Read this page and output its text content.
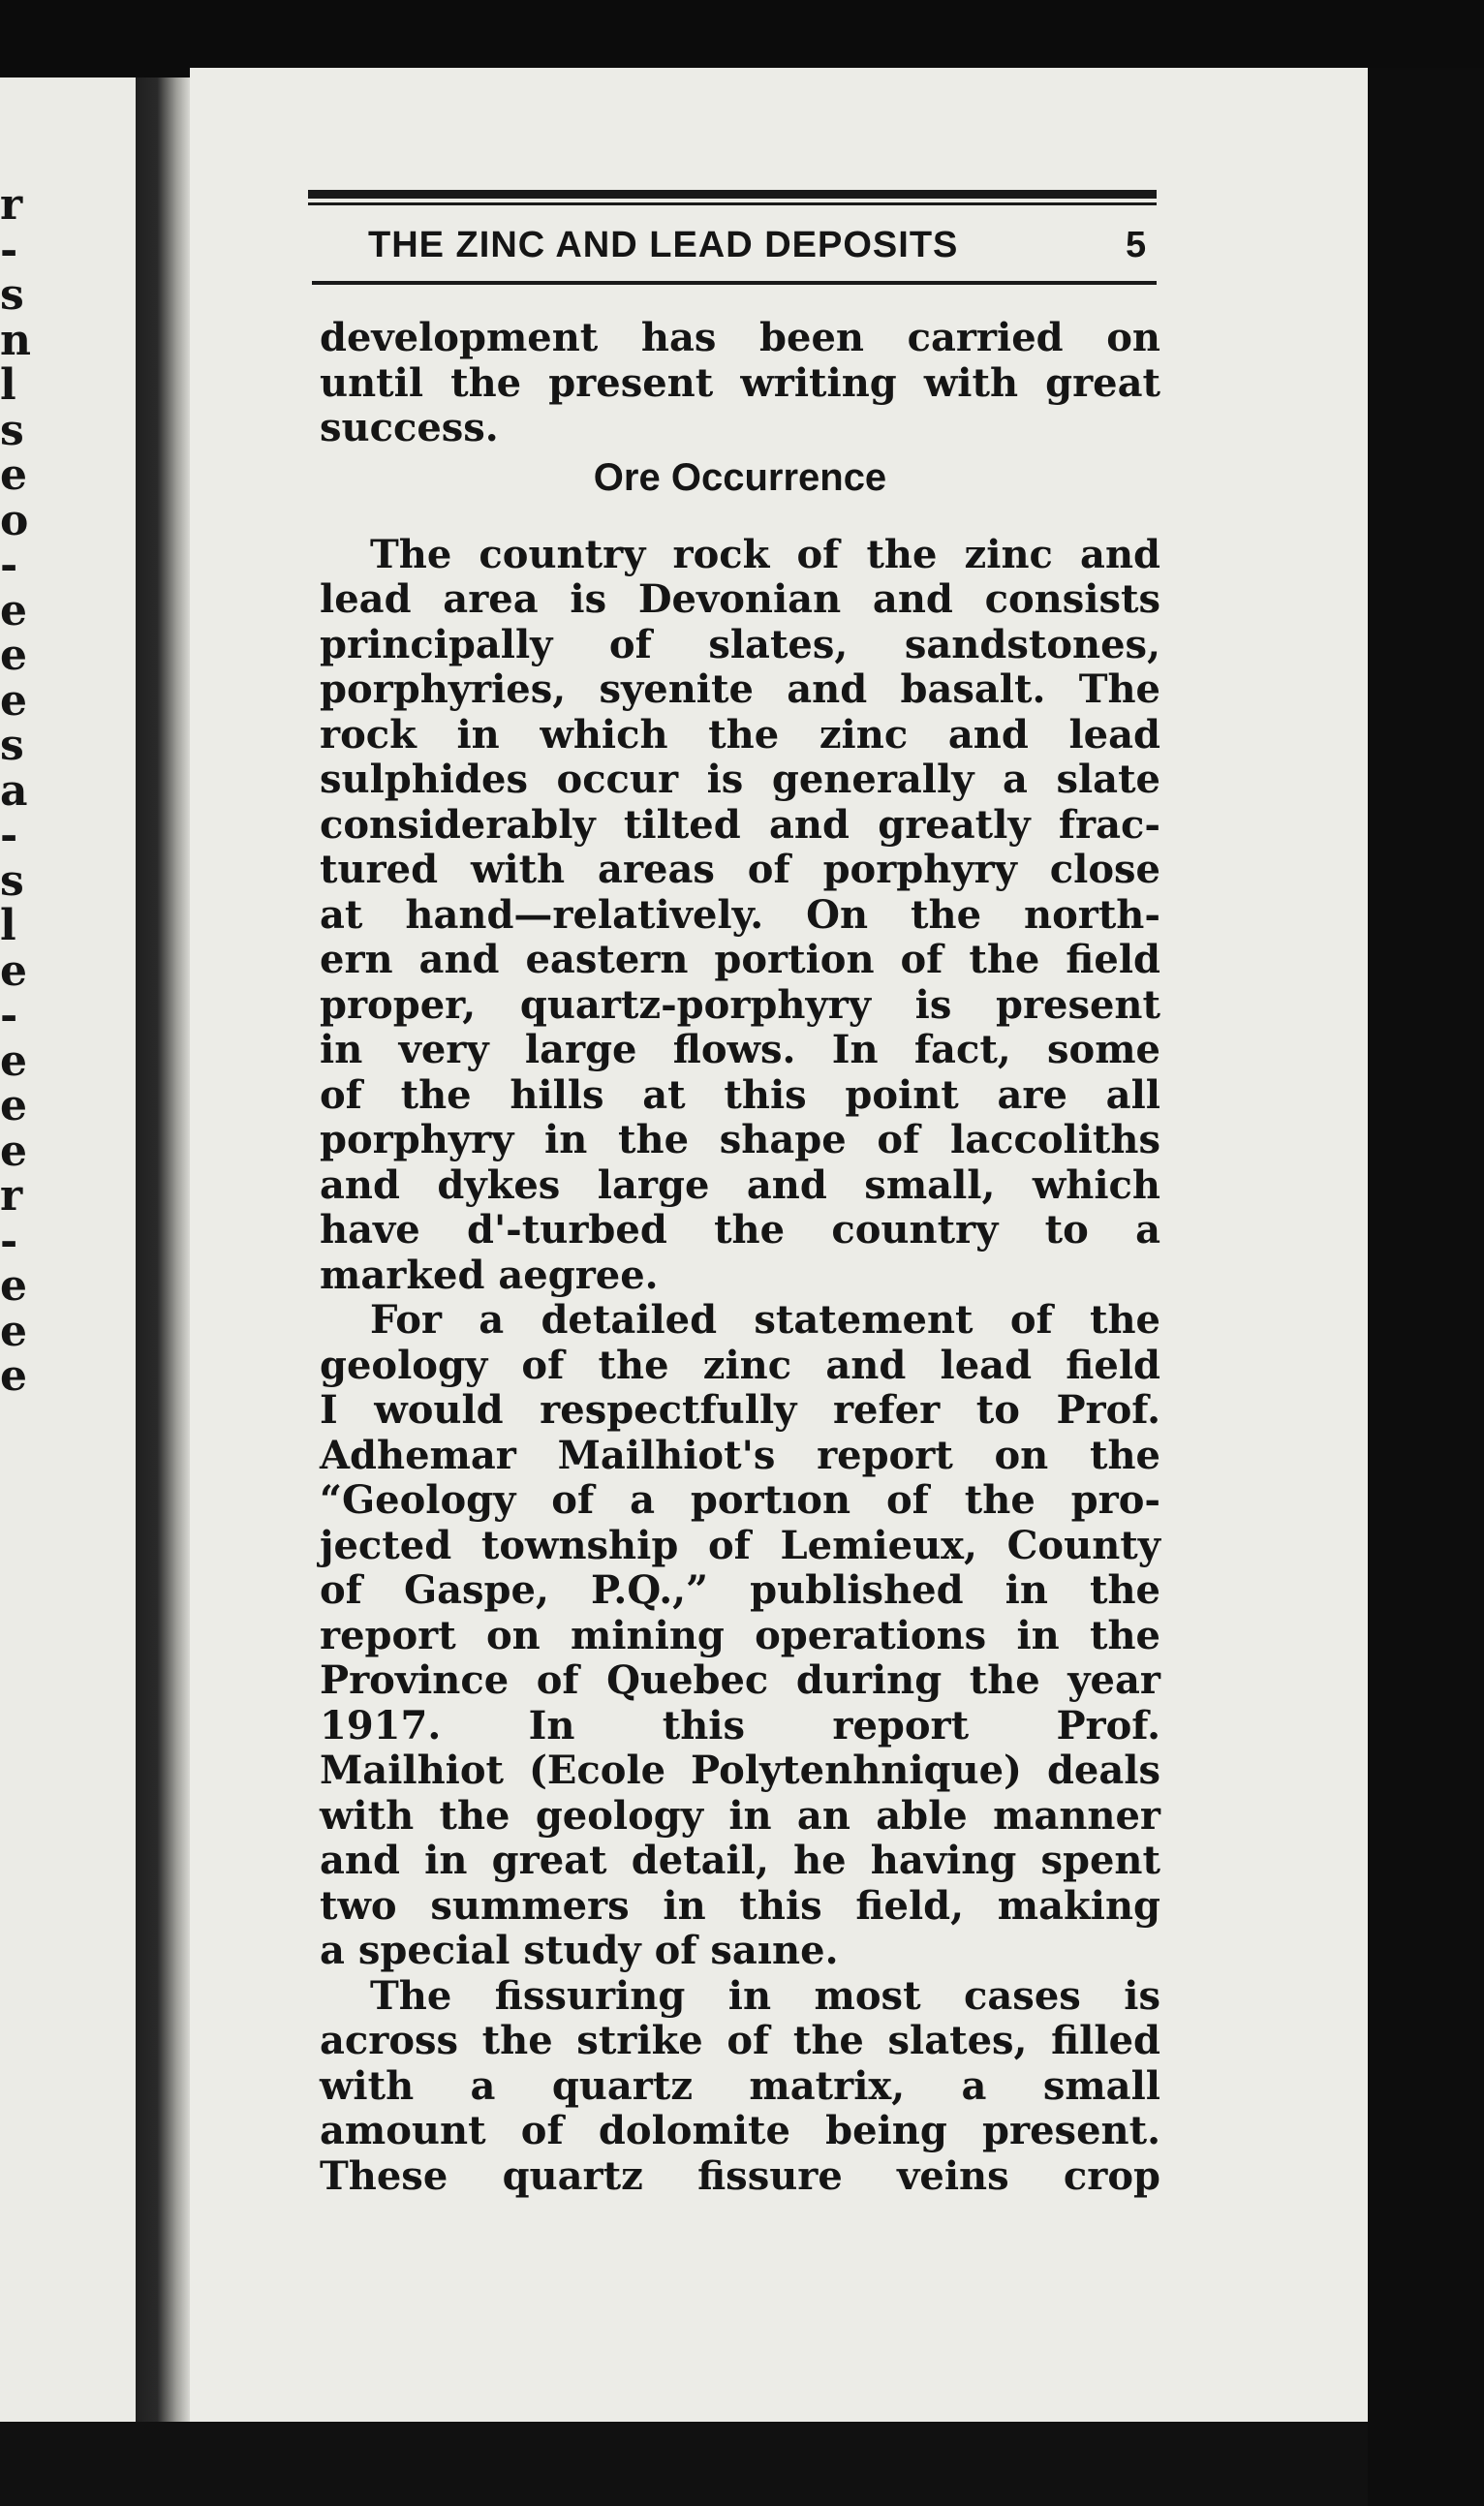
r
-
s
n
l
s
e
o
-
e
e
e
s
a
-
s
l
e
-
e
e
e
r
-
e
e
e
THE ZINC AND LEAD DEPOSITS	5
development has been carried on
until the present writing with great
success.
Ore Occurrence
The country rock of the zinc and
lead area is Devonian and consists
principally of slates, sandstones,
porphyries, syenite and basalt. The
rock in which the zinc and lead
sulphides occur is generally a slate
considerably tilted and greatly frac-
tured with areas of porphyry close
at hand—relatively. On the north-
ern and eastern portion of the field
proper, quartz-porphyry is present
in very large flows. In fact, some
of the hills at this point are all
porphyry in the shape of laccoliths
and dykes large and small, which
have d'-turbed the country to a
marked aegree.
For a detailed statement of the
geology of the zinc and lead field
I would respectfully refer to Prof.
Adhemar Mailhiot's report on the
“Geology of a portıon of the pro-
jected township of Lemieux, County
of Gaspe, P.Q.,” published in the
report on mining operations in the
Province of Quebec during the year
1917. In this report Prof.
Mailhiot (Ecole Polytenhnique) deals
with the geology in an able manner
and in great detail, he having spent
two summers in this field, making
a special study of saıne.
The fissuring in most cases is
across the strike of the slates, filled
with a quartz matrix, a small
amount of dolomite being present.
These quartz fissure veins crop
